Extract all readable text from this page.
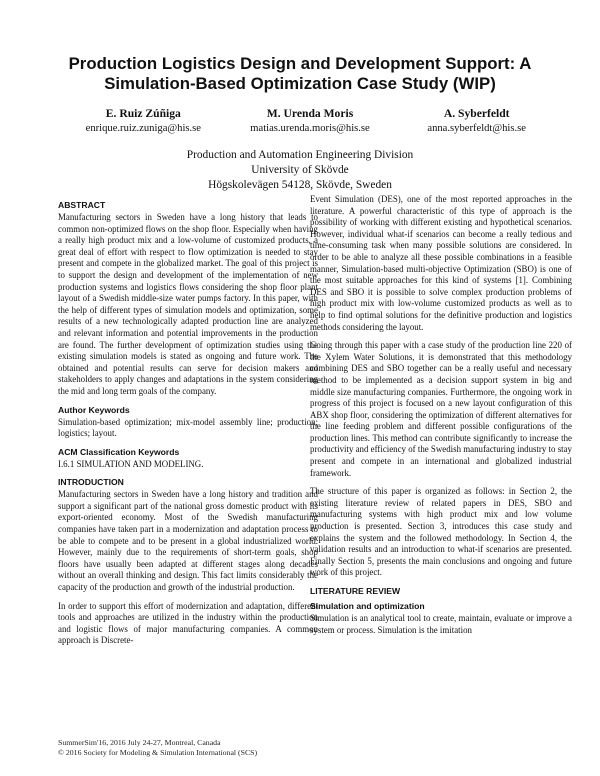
Production Logistics Design and Development Support: A
Simulation-Based Optimization Case Study (WIP)
E. Ruiz Zúñiga
enrique.ruiz.zuniga@his.se
M. Urenda Moris
matias.urenda.moris@his.se
A. Syberfeldt
anna.syberfeldt@his.se
Production and Automation Engineering Division
University of Skövde
Högskolevägen 54128, Skövde, Sweden
ABSTRACT

Manufacturing sectors in Sweden have a long history that leads to common non-optimized flows on the shop floor. Especially when having a really high product mix and a low-volume of customized products, a great deal of effort with respect to flow optimization is needed to stay present and compete in the globalized market. The goal of this project is to support the design and development of the implementation of new production systems and logistics flows considering the shop floor plant layout of a Swedish middle-size water pumps factory. In this paper, with the help of different types of simulation models and optimization, some results of a new technologically adapted production line are analyzed and relevant information and potential improvements in the production are found. The further development of optimization studies using the existing simulation models is stated as ongoing and future work. The obtained and potential results can serve for decision makers and stakeholders to apply changes and adaptations in the system considering the mid and long term goals of the company.

Author Keywords

Simulation-based optimization; mix-model assembly line; production; logistics; layout.

ACM Classification Keywords

I.6.1 SIMULATION AND MODELING.

INTRODUCTION

Manufacturing sectors in Sweden have a long history and tradition and support a significant part of the national gross domestic product with its export-oriented economy. Most of the Swedish manufacturing companies have taken part in a modernization and adaptation process to be able to compete and to be present in a global industrialized world. However, mainly due to the requirements of short-term goals, shop floors have usually been adapted at different stages along decades without an overall thinking and design. This fact limits considerably the capacity of the production and growth of the industrial production.

In order to support this effort of modernization and adaptation, different tools and approaches are utilized in the industry within the production and logistic flows of major manufacturing companies. A common approach is Discrete-

Event Simulation (DES), one of the most reported approaches in the literature. A powerful characteristic of this type of approach is the possibility of working with different existing and hypothetical scenarios. However, individual what-if scenarios can become a really tedious and time-consuming task when many possible solutions are considered. In order to be able to analyze all these possible combinations in a feasible manner, Simulation-based multi-objective Optimization (SBO) is one of the most suitable approaches for this kind of systems [1]. Combining DES and SBO it is possible to solve complex production problems of high product mix with low-volume customized products as well as to help to find optimal solutions for the definitive production and logistics methods considering the layout.

Going through this paper with a case study of the production line 220 of the Xylem Water Solutions, it is demonstrated that this methodology combining DES and SBO together can be a really useful and necessary method to be implemented as a decision support system in big and middle size manufacturing companies. Furthermore, the ongoing work in progress of this project is focused on a new layout configuration of this ABX shop floor, considering the optimization of different alternatives for the line feeding problem and different possible configurations of the production lines. This method can contribute significantly to increase the productivity and efficiency of the Swedish manufacturing industry to stay present and compete in an international and globalized industrial framework.

The structure of this paper is organized as follows: in Section 2, the existing literature review of related papers in DES, SBO and manufacturing systems with high product mix and low volume production is presented. Section 3, introduces this case study and explains the system and the followed methodology. In Section 4, the validation results and an introduction to what-if scenarios are presented. Finally Section 5, presents the main conclusions and ongoing and future work of this project.

LITERATURE REVIEW
Simulation and optimization

Simulation is an analytical tool to create, maintain, evaluate or improve a system or process. Simulation is the imitation

SummerSim'16, 2016 July 24-27, Montreal, Canada
© 2016 Society for Modeling & Simulation International (SCS)
